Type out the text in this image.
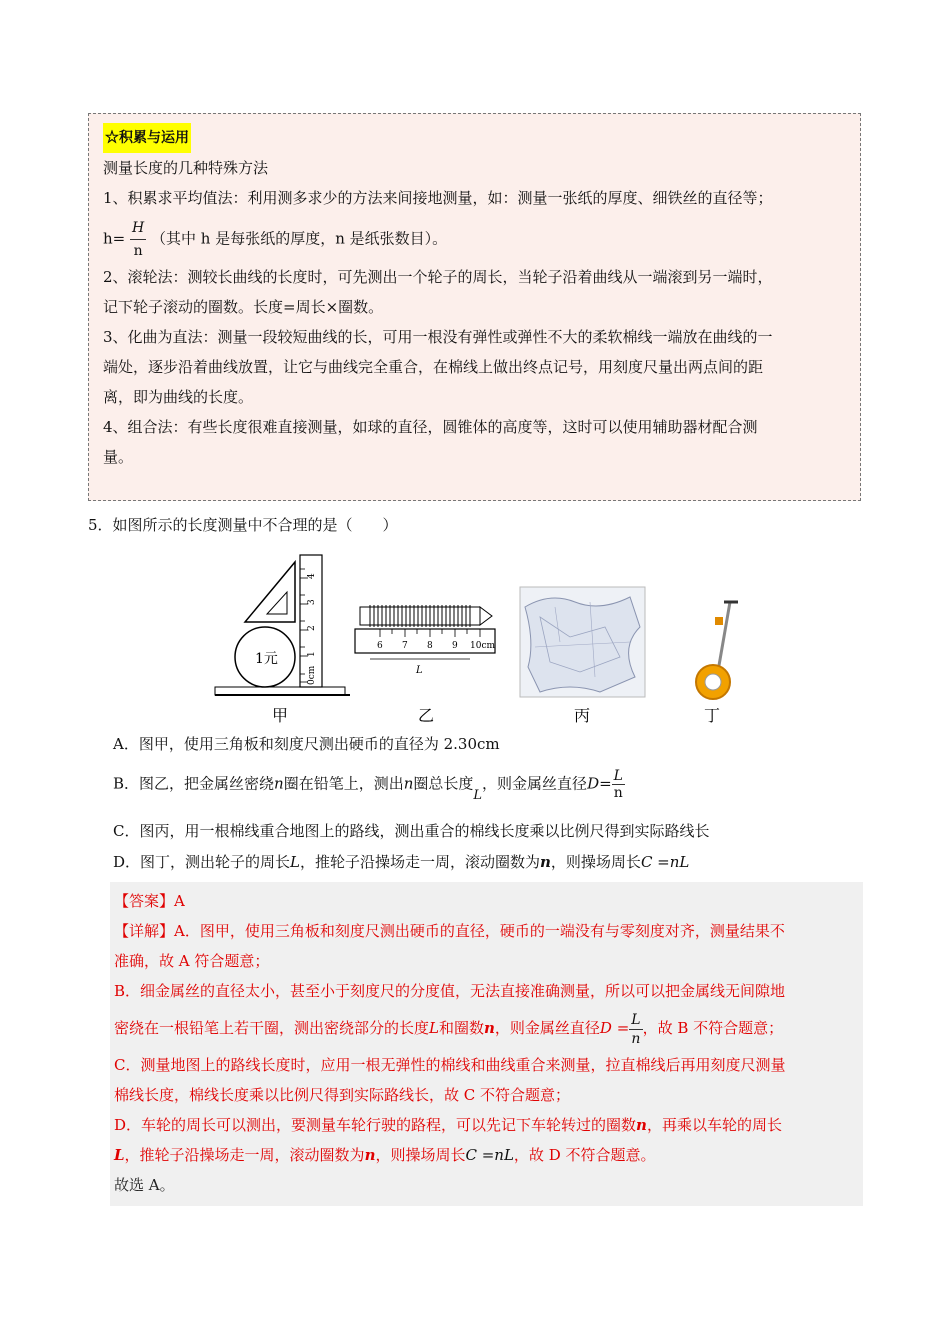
☆积累与运用

测量长度的几种特殊方法

1、积累求平均值法：利用测多求少的方法来间接地测量，如：测量一张纸的厚度、细铁丝的直径等；

$h= \frac{H}{n}$ （其中 h 是每张纸的厚度，n 是纸张数目）。

2、滚轮法：测较长曲线的长度时，可先测出一个轮子的周长，当轮子沿着曲线从一端滚到另一端时，

记下轮子滚动的圈数。长度=周长×圈数。

3、化曲为直法：测量一段较短曲线的长，可用一根没有弹性或弹性不大的柔软棉线一端放在曲线的一

端处，逐步沿着曲线放置，让它与曲线完全重合，在棉线上做出终点记号，用刻度尺量出两点间的距

离，即为曲线的长度。

4、组合法：有些长度很难直接测量，如球的直径，圆锥体的高度等，这时可以使用辅助器材配合测

量。

5．如图所示的长度测量中不合理的是（　　）
1元
0cm
1
2
3
4
甲
6 7 8 9 10cm
L
乙	丙	丁
A．图甲，使用三角板和刻度尺测出硬币的直径为 2.30cm
B．图乙，把金属丝密绕n圈在铅笔上，测出n圈总长度L，则金属丝直径$D= \frac{L}{n}$
C．图丙，用一根棉线重合地图上的路线，测出重合的棉线长度乘以比例尺得到实际路线长
D．图丁，测出轮子的周长L，推轮子沿操场走一周，滚动圈数为n，则操场周长C =nL

【答案】A

【详解】A．图甲，使用三角板和刻度尺测出硬币的直径，硬币的一端没有与零刻度对齐，测量结果不

准确，故 A 符合题意；

B．细金属丝的直径太小，甚至小于刻度尺的分度值，无法直接准确测量，所以可以把金属线无间隙地

密绕在一根铅笔上若干圈，测出密绕部分的长度L和圈数n，则金属丝直径$D = \frac{L}{n}$ ，故 B 不符合题意；

C．测量地图上的路线长度时，应用一根无弹性的棉线和曲线重合来测量，拉直棉线后再用刻度尺测量

棉线长度，棉线长度乘以比例尺得到实际路线长，故 C 不符合题意；

D．车轮的周长可以测出，要测量车轮行驶的路程，可以先记下车轮转过的圈数n，再乘以车轮的周长

L，推轮子沿操场走一周，滚动圈数为n，则操场周长C =nL，故 D 不符合题意。

故选 A。
